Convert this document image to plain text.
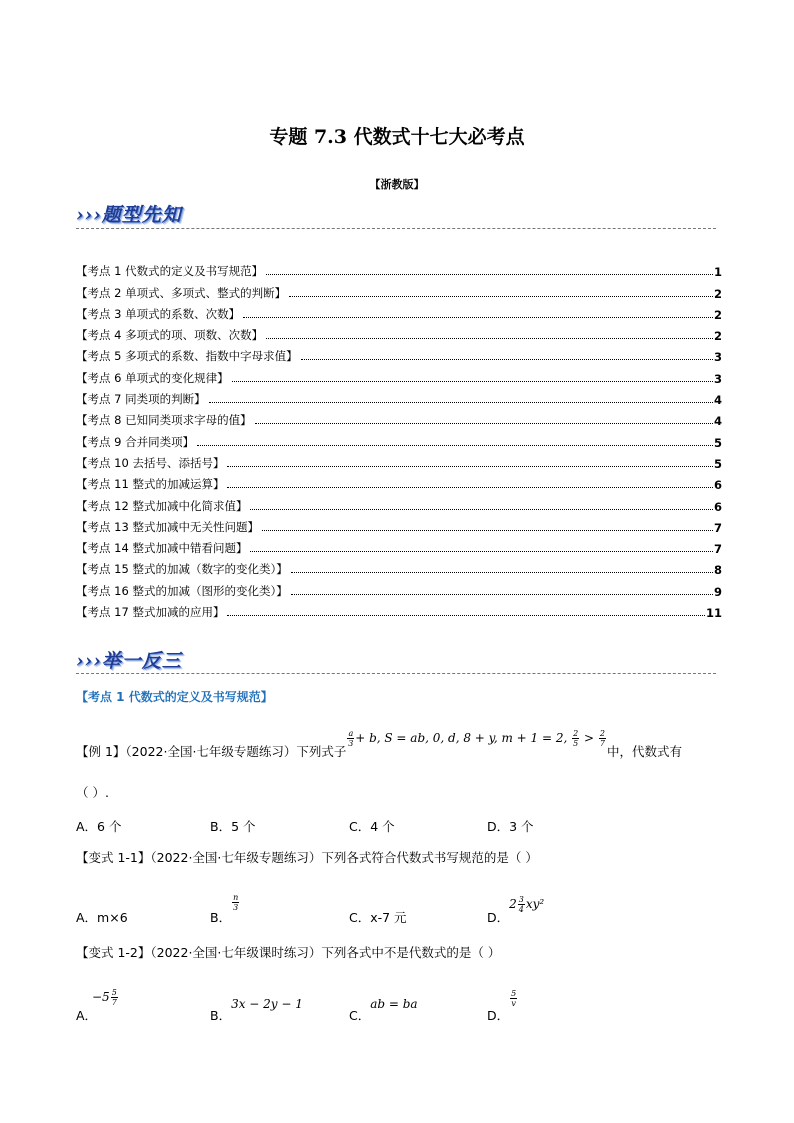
专题 7.3 代数式十七大必考点
【浙教版】
›››题型先知
【考点 1 代数式的定义及书写规范】	1
【考点 2 单项式、多项式、整式的判断】	2
【考点 3 单项式的系数、次数】	2
【考点 4 多项式的项、项数、次数】	2
【考点 5 多项式的系数、指数中字母求值】	3
【考点 6 单项式的变化规律】	3
【考点 7 同类项的判断】	4
【考点 8 已知同类项求字母的值】	4
【考点 9 合并同类项】	5
【考点 10 去括号、添括号】	5
【考点 11 整式的加减运算】	6
【考点 12 整式加减中化简求值】	6
【考点 13 整式加减中无关性问题】	7
【考点 14 整式加减中错看问题】	7
【考点 15 整式的加减（数字的变化类）】	8
【考点 16 整式的加减（图形的变化类）】	9
【考点 17 整式加减的应用】	11
›››举一反三
【考点 1 代数式的定义及书写规范】
【例 1】（2022·全国·七年级专题练习）下列式子
$\frac{a}{3} + b$, S = ab, 0, d, 8 + y, m + 1 = 2, $\frac{2}{5} > \frac{2}{7}$
中，代数式有
（ ）.
A．6 个	B．5 个	C．4 个	D．3 个
【变式 1-1】（2022·全国·七年级专题练习）下列各式符合代数式书写规范的是（ ）
A．m×6	B．
$\frac{n}{3}$
C．x-7 元	D．$2 \frac{3}{4} xy^2$
【变式 1-2】（2022·全国·七年级课时练习）下列各式中不是代数式的是（ ）
A．
$-5 \frac{5}{7}$
B．3x − 2y − 1
C．ab = ba
D．
$\frac{5}{v}$
